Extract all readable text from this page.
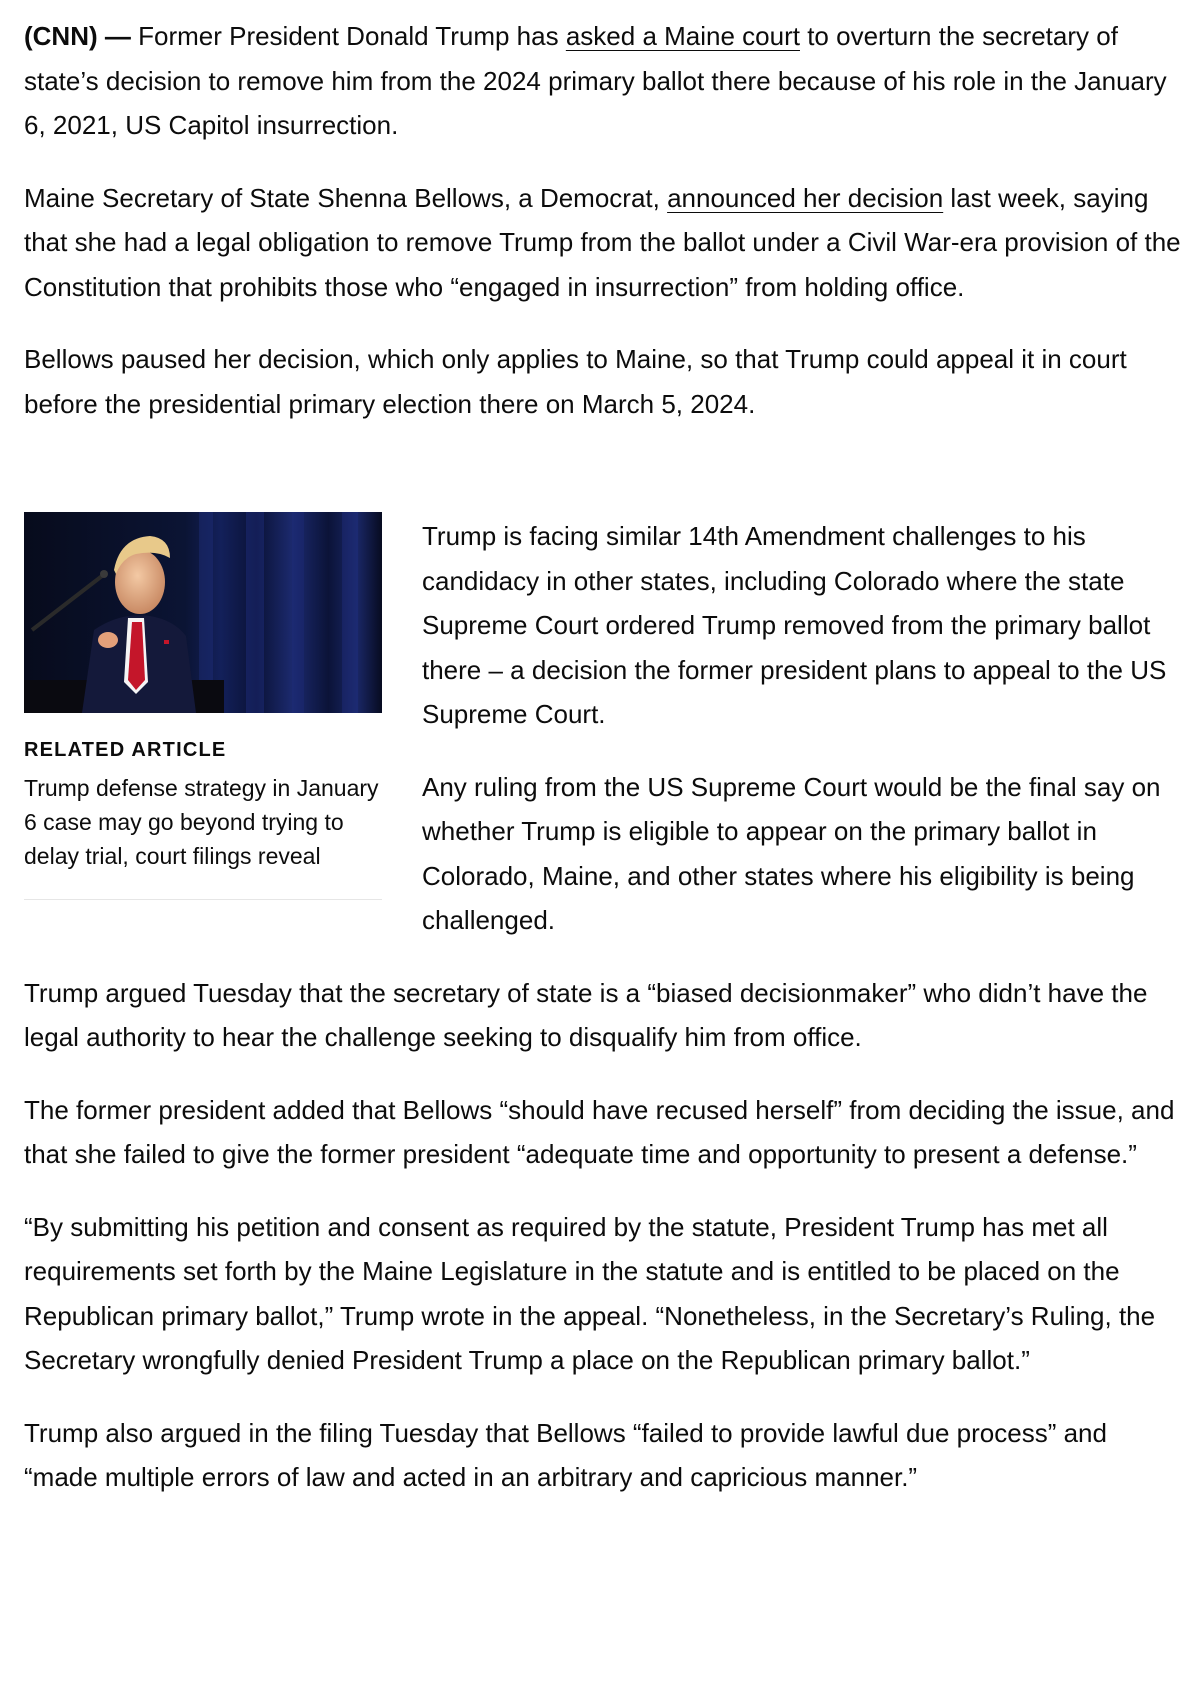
(CNN) — Former President Donald Trump has asked a Maine court to overturn the secretary of state’s decision to remove him from the 2024 primary ballot there because of his role in the January 6, 2021, US Capitol insurrection.

Maine Secretary of State Shenna Bellows, a Democrat, announced her decision last week, saying that she had a legal obligation to remove Trump from the ballot under a Civil War-era provision of the Constitution that prohibits those who “engaged in insurrection” from holding office.

Bellows paused her decision, which only applies to Maine, so that Trump could appeal it in court before the presidential primary election there on March 5, 2024.

RELATED ARTICLE
Trump defense strategy in January 6 case may go beyond trying to delay trial, court filings reveal

Trump is facing similar 14th Amendment challenges to his candidacy in other states, including Colorado where the state Supreme Court ordered Trump removed from the primary ballot there – a decision the former president plans to appeal to the US Supreme Court.

Any ruling from the US Supreme Court would be the final say on whether Trump is eligible to appear on the primary ballot in Colorado, Maine, and other states where his eligibility is being challenged.

Trump argued Tuesday that the secretary of state is a “biased decisionmaker” who didn’t have the legal authority to hear the challenge seeking to disqualify him from office.

The former president added that Bellows “should have recused herself” from deciding the issue, and that she failed to give the former president “adequate time and opportunity to present a defense.”

“By submitting his petition and consent as required by the statute, President Trump has met all requirements set forth by the Maine Legislature in the statute and is entitled to be placed on the Republican primary ballot,” Trump wrote in the appeal. “Nonetheless, in the Secretary’s Ruling, the Secretary wrongfully denied President Trump a place on the Republican primary ballot.”

Trump also argued in the filing Tuesday that Bellows “failed to provide lawful due process” and “made multiple errors of law and acted in an arbitrary and capricious manner.”
